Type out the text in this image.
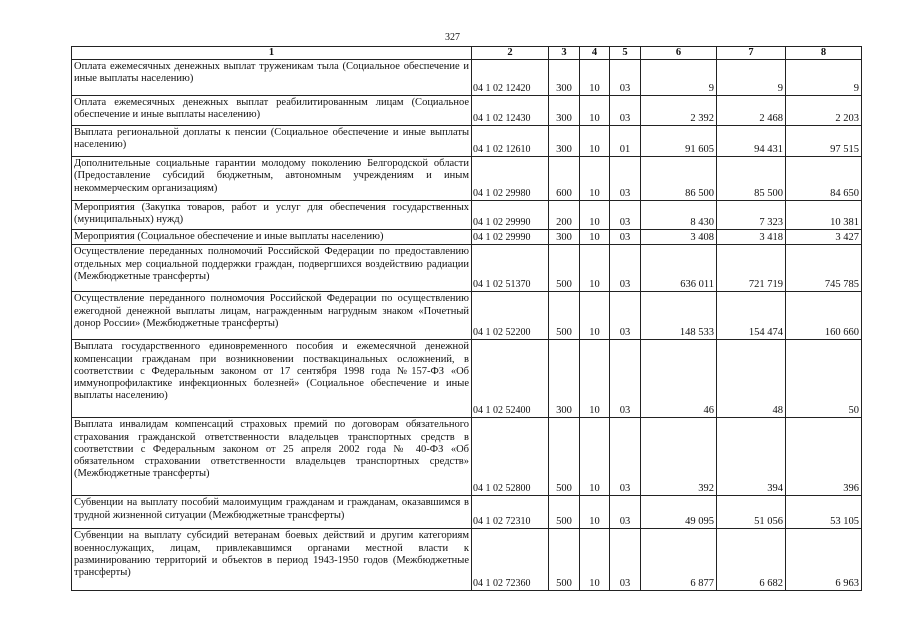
327
1	2	3	4	5	6	7	8
Оплата ежемесячных денежных выплат труженикам тыла (Социальное обеспечение и иные выплаты населению)	04 1 02 12420	300	10	03	9	9	9
Оплата ежемесячных денежных выплат реабилитированным лицам (Социальное обеспечение и иные выплаты населению)	04 1 02 12430	300	10	03	2 392	2 468	2 203
Выплата региональной доплаты к пенсии (Социальное обеспечение и иные выплаты населению)	04 1 02 12610	300	10	01	91 605	94 431	97 515
Дополнительные социальные гарантии молодому поколению Белгородской области (Предоставление субсидий бюджетным, автономным учреждениям и иным некоммерческим организациям)	04 1 02 29980	600	10	03	86 500	85 500	84 650
Мероприятия (Закупка товаров, работ и услуг для обеспечения государственных (муниципальных) нужд)	04 1 02 29990	200	10	03	8 430	7 323	10 381
Мероприятия (Социальное обеспечение и иные выплаты населению)	04 1 02 29990	300	10	03	3 408	3 418	3 427
Осуществление переданных полномочий Российской Федерации по предоставлению отдельных мер социальной поддержки граждан, подвергшихся воздействию радиации (Межбюджетные трансферты)	04 1 02 51370	500	10	03	636 011	721 719	745 785
Осуществление переданного полномочия Российской Федерации по осуществлению ежегодной денежной выплаты лицам, награжденным нагрудным знаком «Почетный донор России» (Межбюджетные трансферты)	04 1 02 52200	500	10	03	148 533	154 474	160 660
Выплата государственного единовременного пособия и ежемесячной денежной компенсации гражданам при возникновении поствакцинальных осложнений, в соответствии с Федеральным законом от 17 сентября 1998 года №157-ФЗ «Об иммунопрофилактике инфекционных болезней» (Социальное обеспечение и иные выплаты населению)	04 1 02 52400	300	10	03	46	48	50
Выплата инвалидам компенсаций страховых премий по договорам обязательного страхования гражданской ответственности владельцев транспортных средств в соответствии с Федеральным законом от 25 апреля 2002 года № 40-ФЗ «Об обязательном страховании ответственности владельцев транспортных средств» (Межбюджетные трансферты)	04 1 02 52800	500	10	03	392	394	396
Субвенции на выплату пособий малоимущим гражданам и гражданам, оказавшимся в трудной жизненной ситуации (Межбюджетные трансферты)	04 1 02 72310	500	10	03	49 095	51 056	53 105
Субвенции на выплату субсидий ветеранам боевых действий и другим категориям военнослужащих, лицам, привлекавшимся органами местной власти к разминированию территорий и объектов в период 1943-1950 годов (Межбюджетные трансферты)	04 1 02 72360	500	10	03	6 877	6 682	6 963
